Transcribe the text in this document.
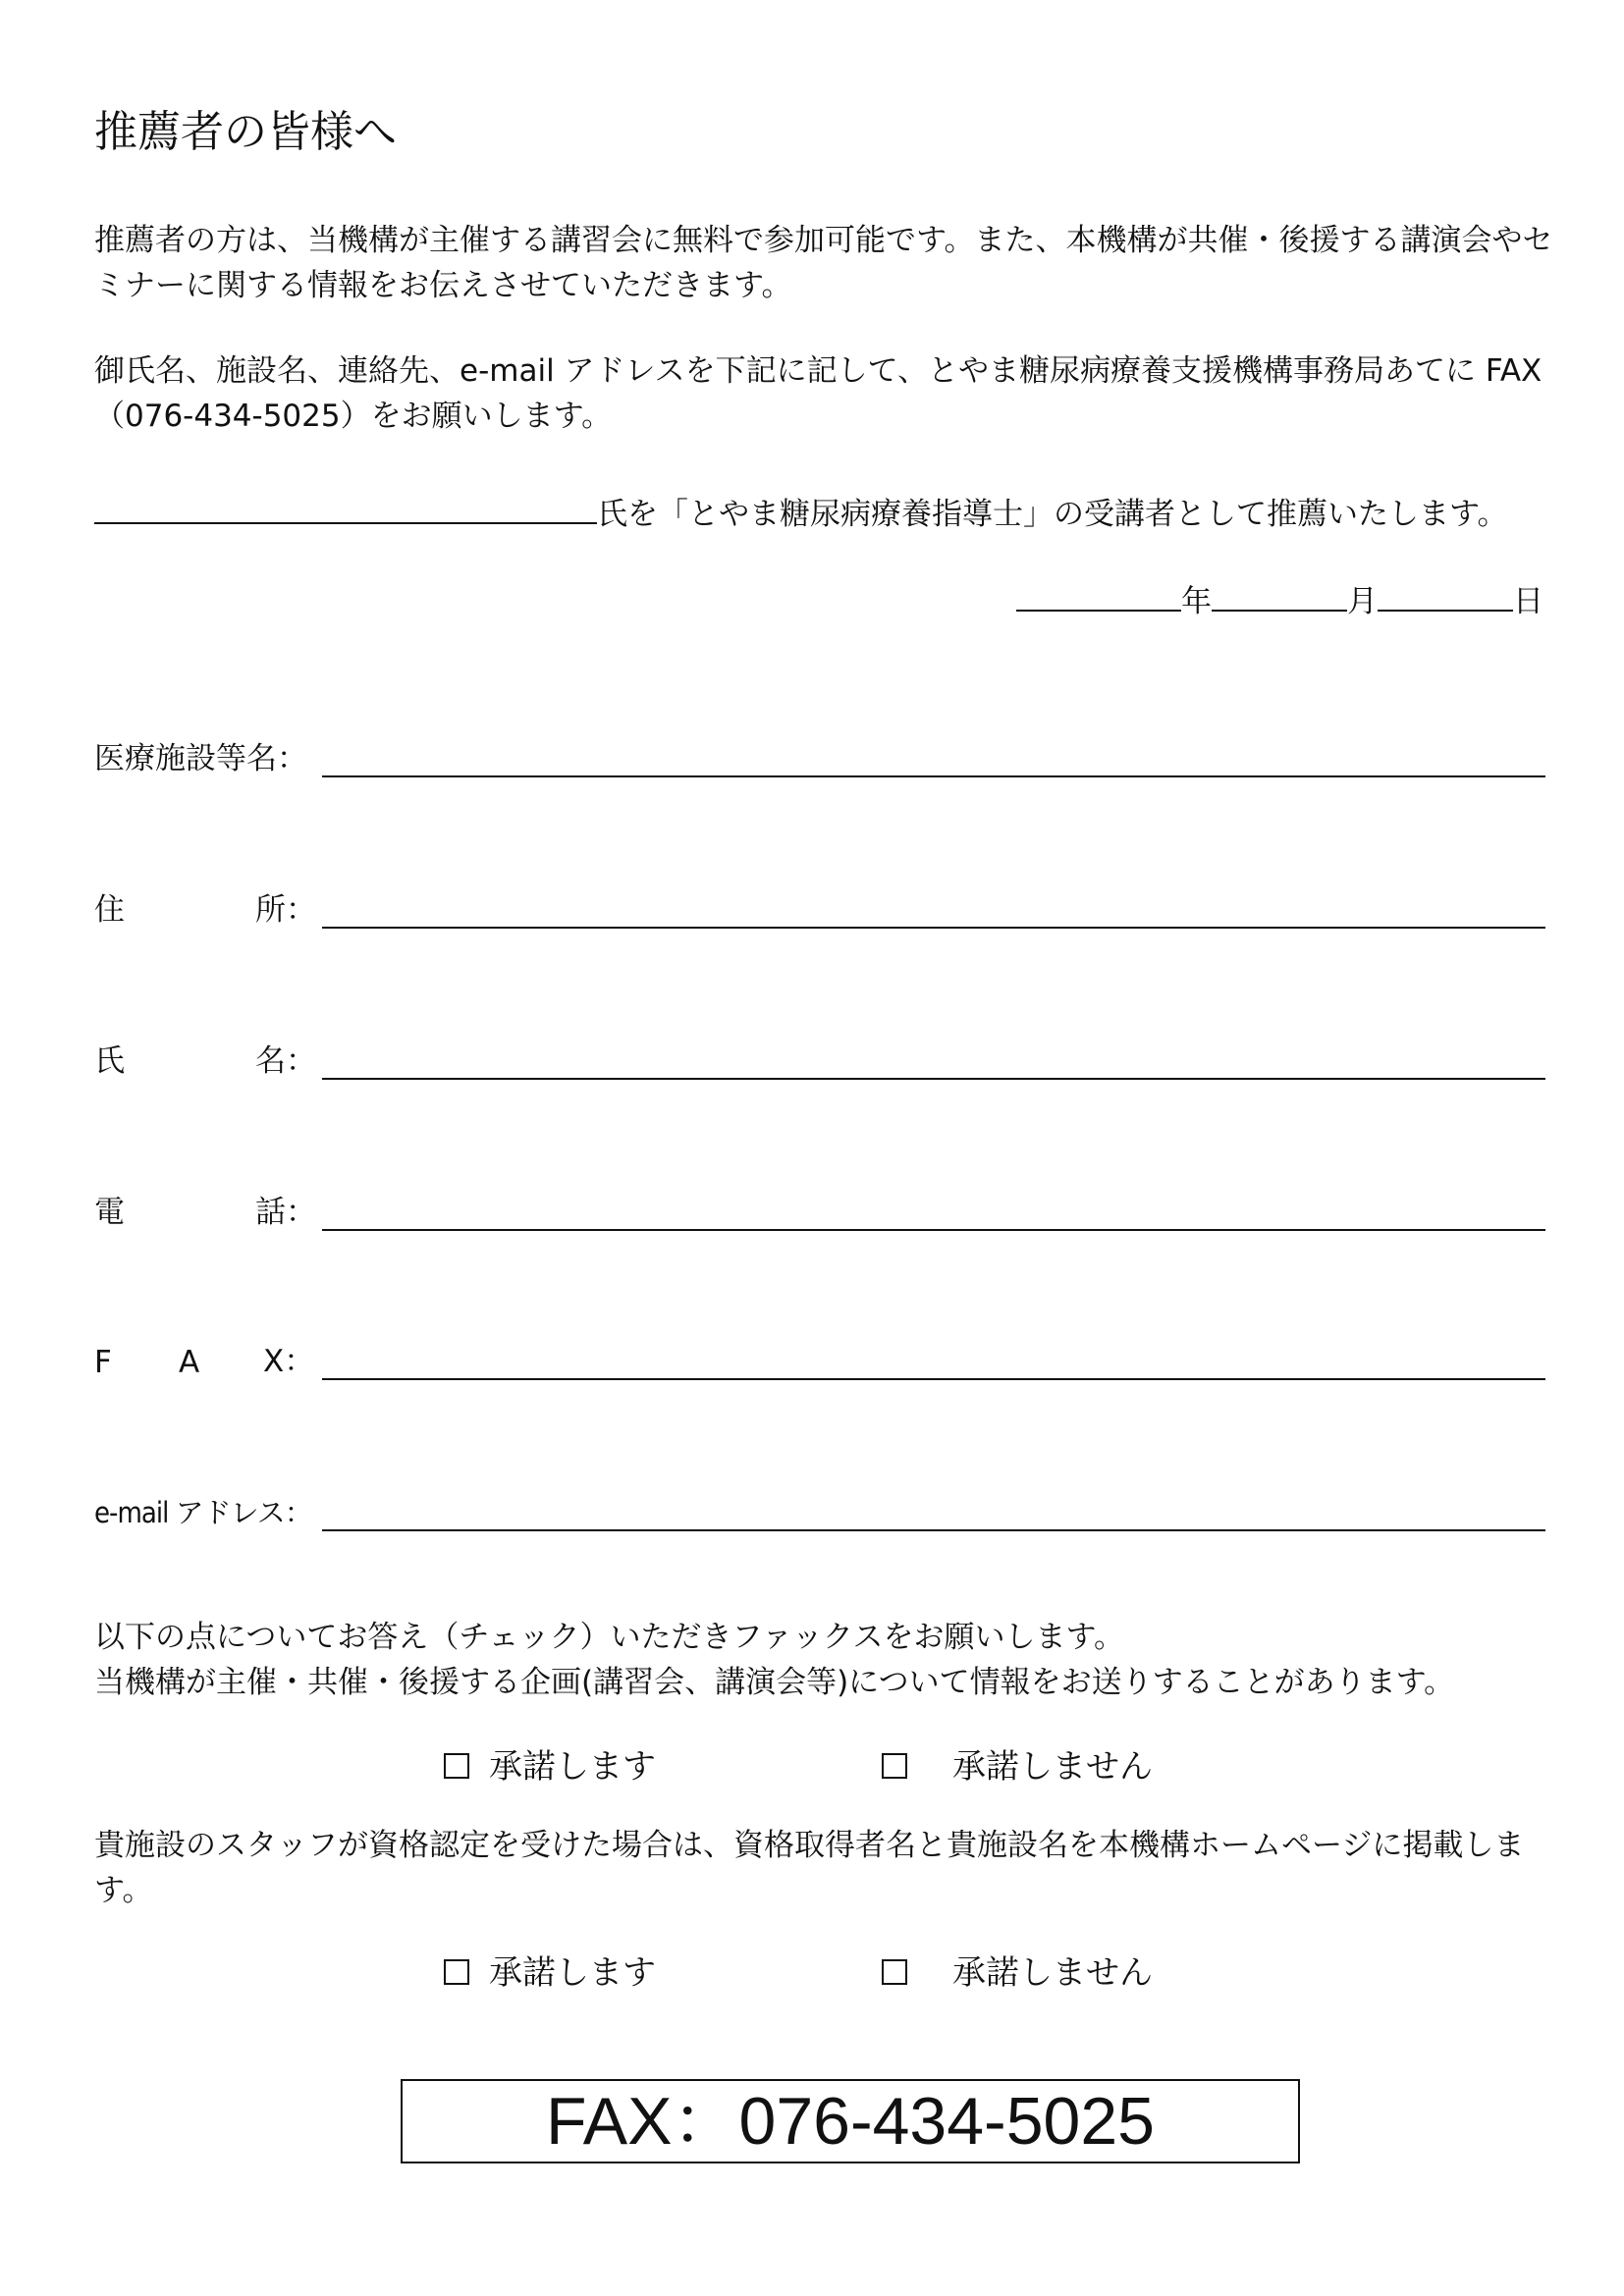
推薦者の皆様へ
推薦者の方は、当機構が主催する講習会に無料で参加可能です。また、本機構が共催・後援する講演会やセミナーに関する情報をお伝えさせていただきます。
御氏名、施設名、連絡先、e-mail アドレスを下記に記して、とやま糖尿病療養支援機構事務局あてに FAX（076-434-5025）をお願いします。
氏を「とやま糖尿病療養指導士」の受講者として推薦いたします。
年	月	日
医療施設等名：
住	所：
氏	名：
電	話：
F A X：
e-mail アドレス：
以下の点についてお答え（チェック）いただきファックスをお願いします。
当機構が主催・共催・後援する企画(講習会、講演会等)について情報をお送りすることがあります。
承諾します	承諾しません
貴施設のスタッフが資格認定を受けた場合は、資格取得者名と貴施設名を本機構ホームページに掲載します。
承諾します	承諾しません
FAX：076-434-5025
